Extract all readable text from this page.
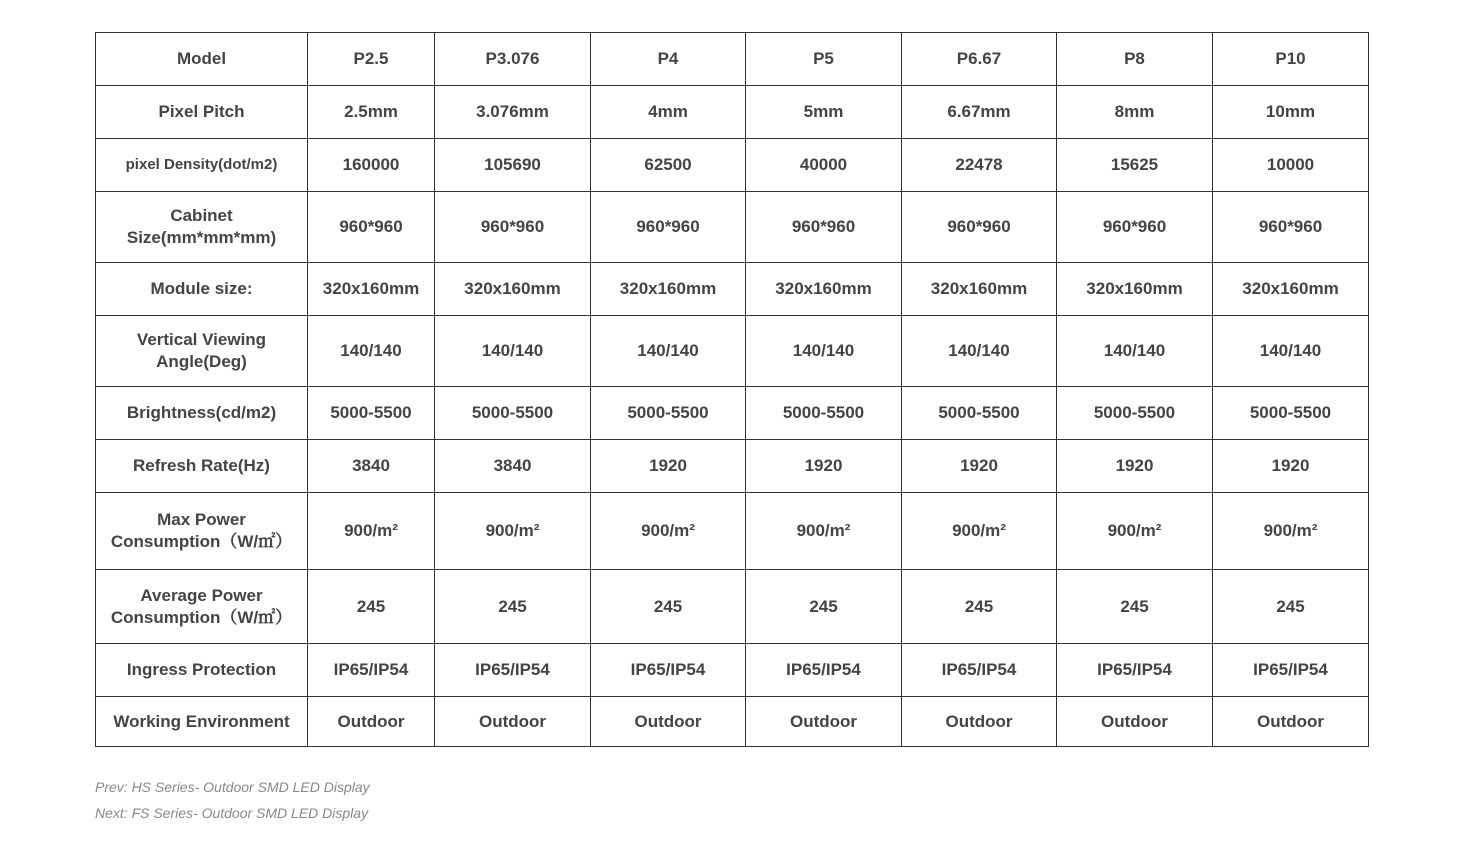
Model	P2.5	P3.076	P4	P5	P6.67	P8	P10
Pixel Pitch	2.5mm	3.076mm	4mm	5mm	6.67mm	8mm	10mm
pixel Density(dot/m2)	160000	105690	62500	40000	22478	15625	10000
Cabinet
Size(mm*mm*mm)	960*960	960*960	960*960	960*960	960*960	960*960	960*960
Module size:	320x160mm	320x160mm	320x160mm	320x160mm	320x160mm	320x160mm	320x160mm
Vertical Viewing
Angle(Deg)	140/140	140/140	140/140	140/140	140/140	140/140	140/140
Brightness(cd/m2)	5000-5500	5000-5500	5000-5500	5000-5500	5000-5500	5000-5500	5000-5500
Refresh Rate(Hz)	3840	3840	1920	1920	1920	1920	1920
Max Power
Consumption（W/㎡）	900/m²	900/m²	900/m²	900/m²	900/m²	900/m²	900/m²
Average Power
Consumption（W/㎡）	245	245	245	245	245	245	245
Ingress Protection	IP65/IP54	IP65/IP54	IP65/IP54	IP65/IP54	IP65/IP54	IP65/IP54	IP65/IP54
Working Environment	Outdoor	Outdoor	Outdoor	Outdoor	Outdoor	Outdoor	Outdoor
Prev: HS Series- Outdoor SMD LED Display
Next: FS Series- Outdoor SMD LED Display
